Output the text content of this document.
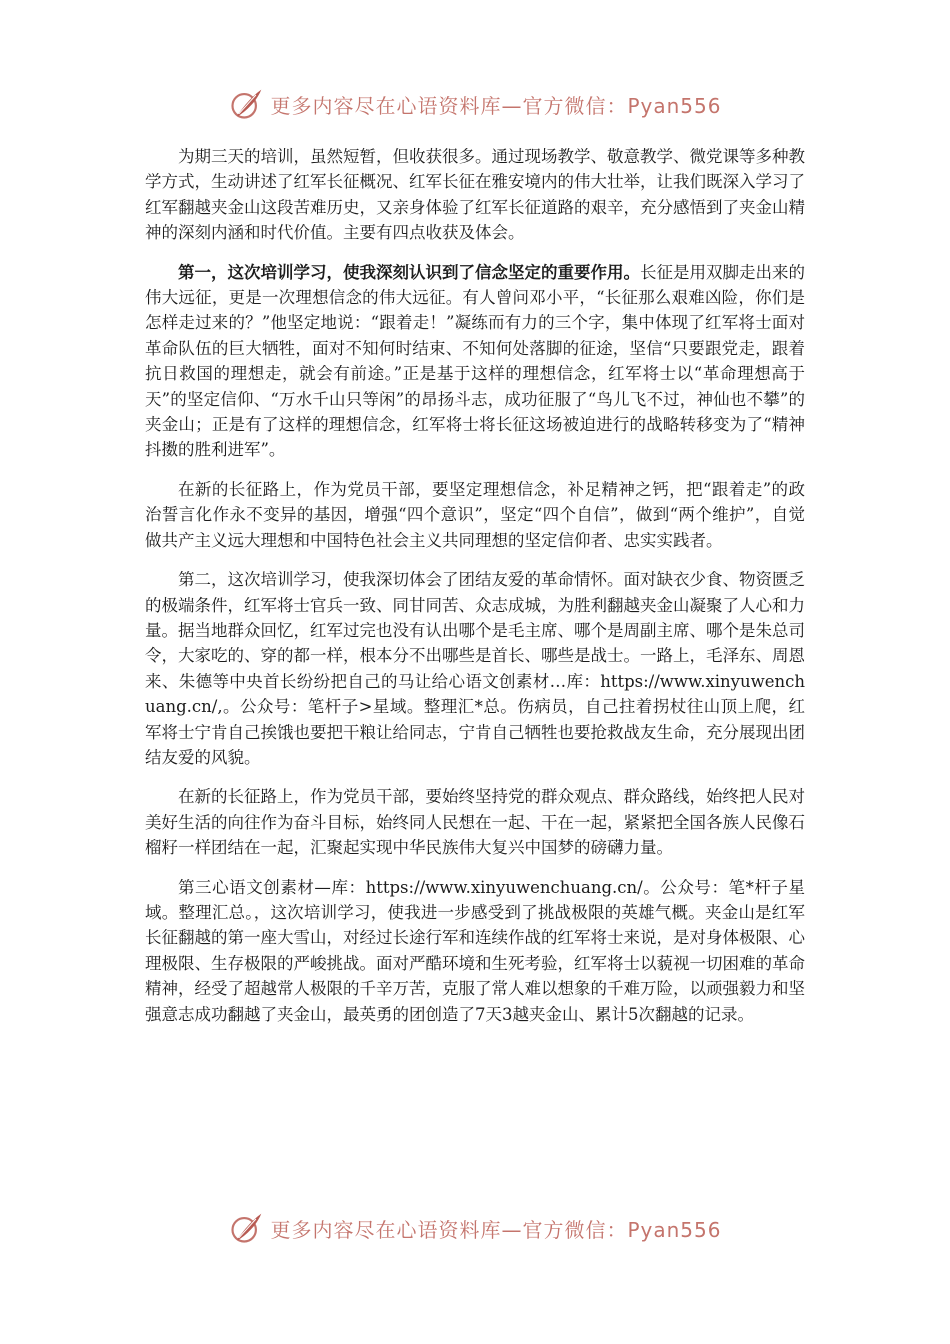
更多内容尽在心语资料库—官方微信：Pyan556

为期三天的培训，虽然短暂，但收获很多。通过现场教学、敬意教学、微党课等多种教学方式，生动讲述了红军长征概况、红军长征在雅安境内的伟大壮举，让我们既深入学习了红军翻越夹金山这段苦难历史，又亲身体验了红军长征道路的艰辛，充分感悟到了夹金山精神的深刻内涵和时代价值。主要有四点收获及体会。

第一，这次培训学习，使我深刻认识到了信念坚定的重要作用。长征是用双脚走出来的伟大远征，更是一次理想信念的伟大远征。有人曾问邓小平，“长征那么艰难凶险，你们是怎样走过来的？”他坚定地说：“跟着走！”凝练而有力的三个字，集中体现了红军将士面对革命队伍的巨大牺牲，面对不知何时结束、不知何处落脚的征途，坚信“只要跟党走，跟着抗日救国的理想走，就会有前途。”正是基于这样的理想信念，红军将士以“革命理想高于天”的坚定信仰、“万水千山只等闲”的昂扬斗志，成功征服了“鸟儿飞不过，神仙也不攀”的夹金山；正是有了这样的理想信念，红军将士将长征这场被迫进行的战略转移变为了“精神抖擞的胜利进军”。

在新的长征路上，作为党员干部，要坚定理想信念，补足精神之钙，把“跟着走”的政治誓言化作永不变异的基因，增强“四个意识”，坚定“四个自信”，做到“两个维护”，自觉做共产主义远大理想和中国特色社会主义共同理想的坚定信仰者、忠实实践者。

第二，这次培训学习，使我深切体会了团结友爱的革命情怀。面对缺衣少食、物资匮乏的极端条件，红军将士官兵一致、同甘同苦、众志成城，为胜利翻越夹金山凝聚了人心和力量。据当地群众回忆，红军过完也没有认出哪个是毛主席、哪个是周副主席、哪个是朱总司令，大家吃的、穿的都一样，根本分不出哪些是首长、哪些是战士。一路上，毛泽东、周恩来、朱德等中央首长纷纷把自己的马让给心语文创素材…库：https://www.xinyuwenchuang.cn/,。公众号：笔杆子>星域。整理汇*总。伤病员，自己拄着拐杖往山顶上爬，红军将士宁肯自己挨饿也要把干粮让给同志，宁肯自己牺牲也要抢救战友生命，充分展现出团结友爱的风貌。

在新的长征路上，作为党员干部，要始终坚持党的群众观点、群众路线，始终把人民对美好生活的向往作为奋斗目标，始终同人民想在一起、干在一起，紧紧把全国各族人民像石榴籽一样团结在一起，汇聚起实现中华民族伟大复兴中国梦的磅礴力量。

第三心语文创素材—库：https://www.xinyuwenchuang.cn/。公众号：笔*杆子星域。整理汇总。，这次培训学习，使我进一步感受到了挑战极限的英雄气概。夹金山是红军长征翻越的第一座大雪山，对经过长途行军和连续作战的红军将士来说，是对身体极限、心理极限、生存极限的严峻挑战。面对严酷环境和生死考验，红军将士以藐视一切困难的革命精神，经受了超越常人极限的千辛万苦，克服了常人难以想象的千难万险，以顽强毅力和坚强意志成功翻越了夹金山，最英勇的团创造了7天3越夹金山、累计5次翻越的记录。

更多内容尽在心语资料库—官方微信：Pyan556
